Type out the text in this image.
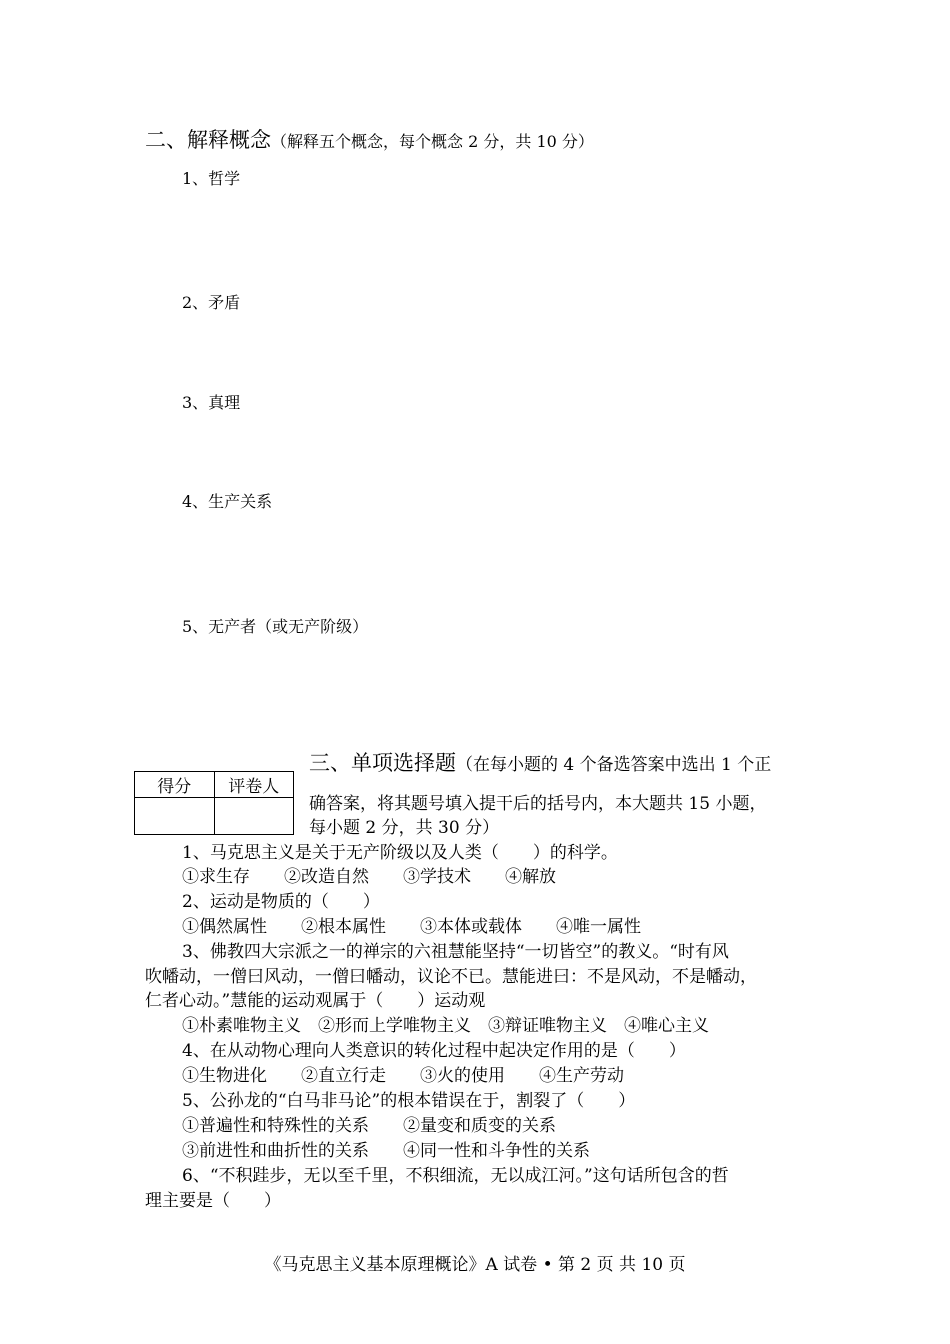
二、解释概念（解释五个概念，每个概念 2 分，共 10 分）
1、哲学
2、矛盾
3、真理
4、生产关系
5、无产者（或无产阶级）
得分	评卷人

三、单项选择题（在每小题的 4 个备选答案中选出 1 个正
确答案，将其题号填入提干后的括号内，本大题共 15 小题，
每小题 2 分，共 30 分）
1、马克思主义是关于无产阶级以及人类（　　）的科学。
①求生存　　②改造自然　　③学技术　　④解放
2、运动是物质的（　　）
①偶然属性　　②根本属性　　③本体或载体　　④唯一属性
3、佛教四大宗派之一的禅宗的六祖慧能坚持“一切皆空”的教义。“时有风
吹幡动，一僧曰风动，一僧曰幡动，议论不已。慧能进曰：不是风动，不是幡动，
仁者心动。”慧能的运动观属于（　　）运动观
①朴素唯物主义　②形而上学唯物主义　③辩证唯物主义　④唯心主义
4、在从动物心理向人类意识的转化过程中起决定作用的是（　　）
①生物进化　　②直立行走　　③火的使用　　④生产劳动
5、公孙龙的“白马非马论”的根本错误在于，割裂了（　　）
①普遍性和特殊性的关系　　②量变和质变的关系
③前进性和曲折性的关系　　④同一性和斗争性的关系
6、“不积跬步，无以至千里，不积细流，无以成江河。”这句话所包含的哲
理主要是（　　）
《马克思主义基本原理概论》A 试卷 • 第 2 页 共 10 页
